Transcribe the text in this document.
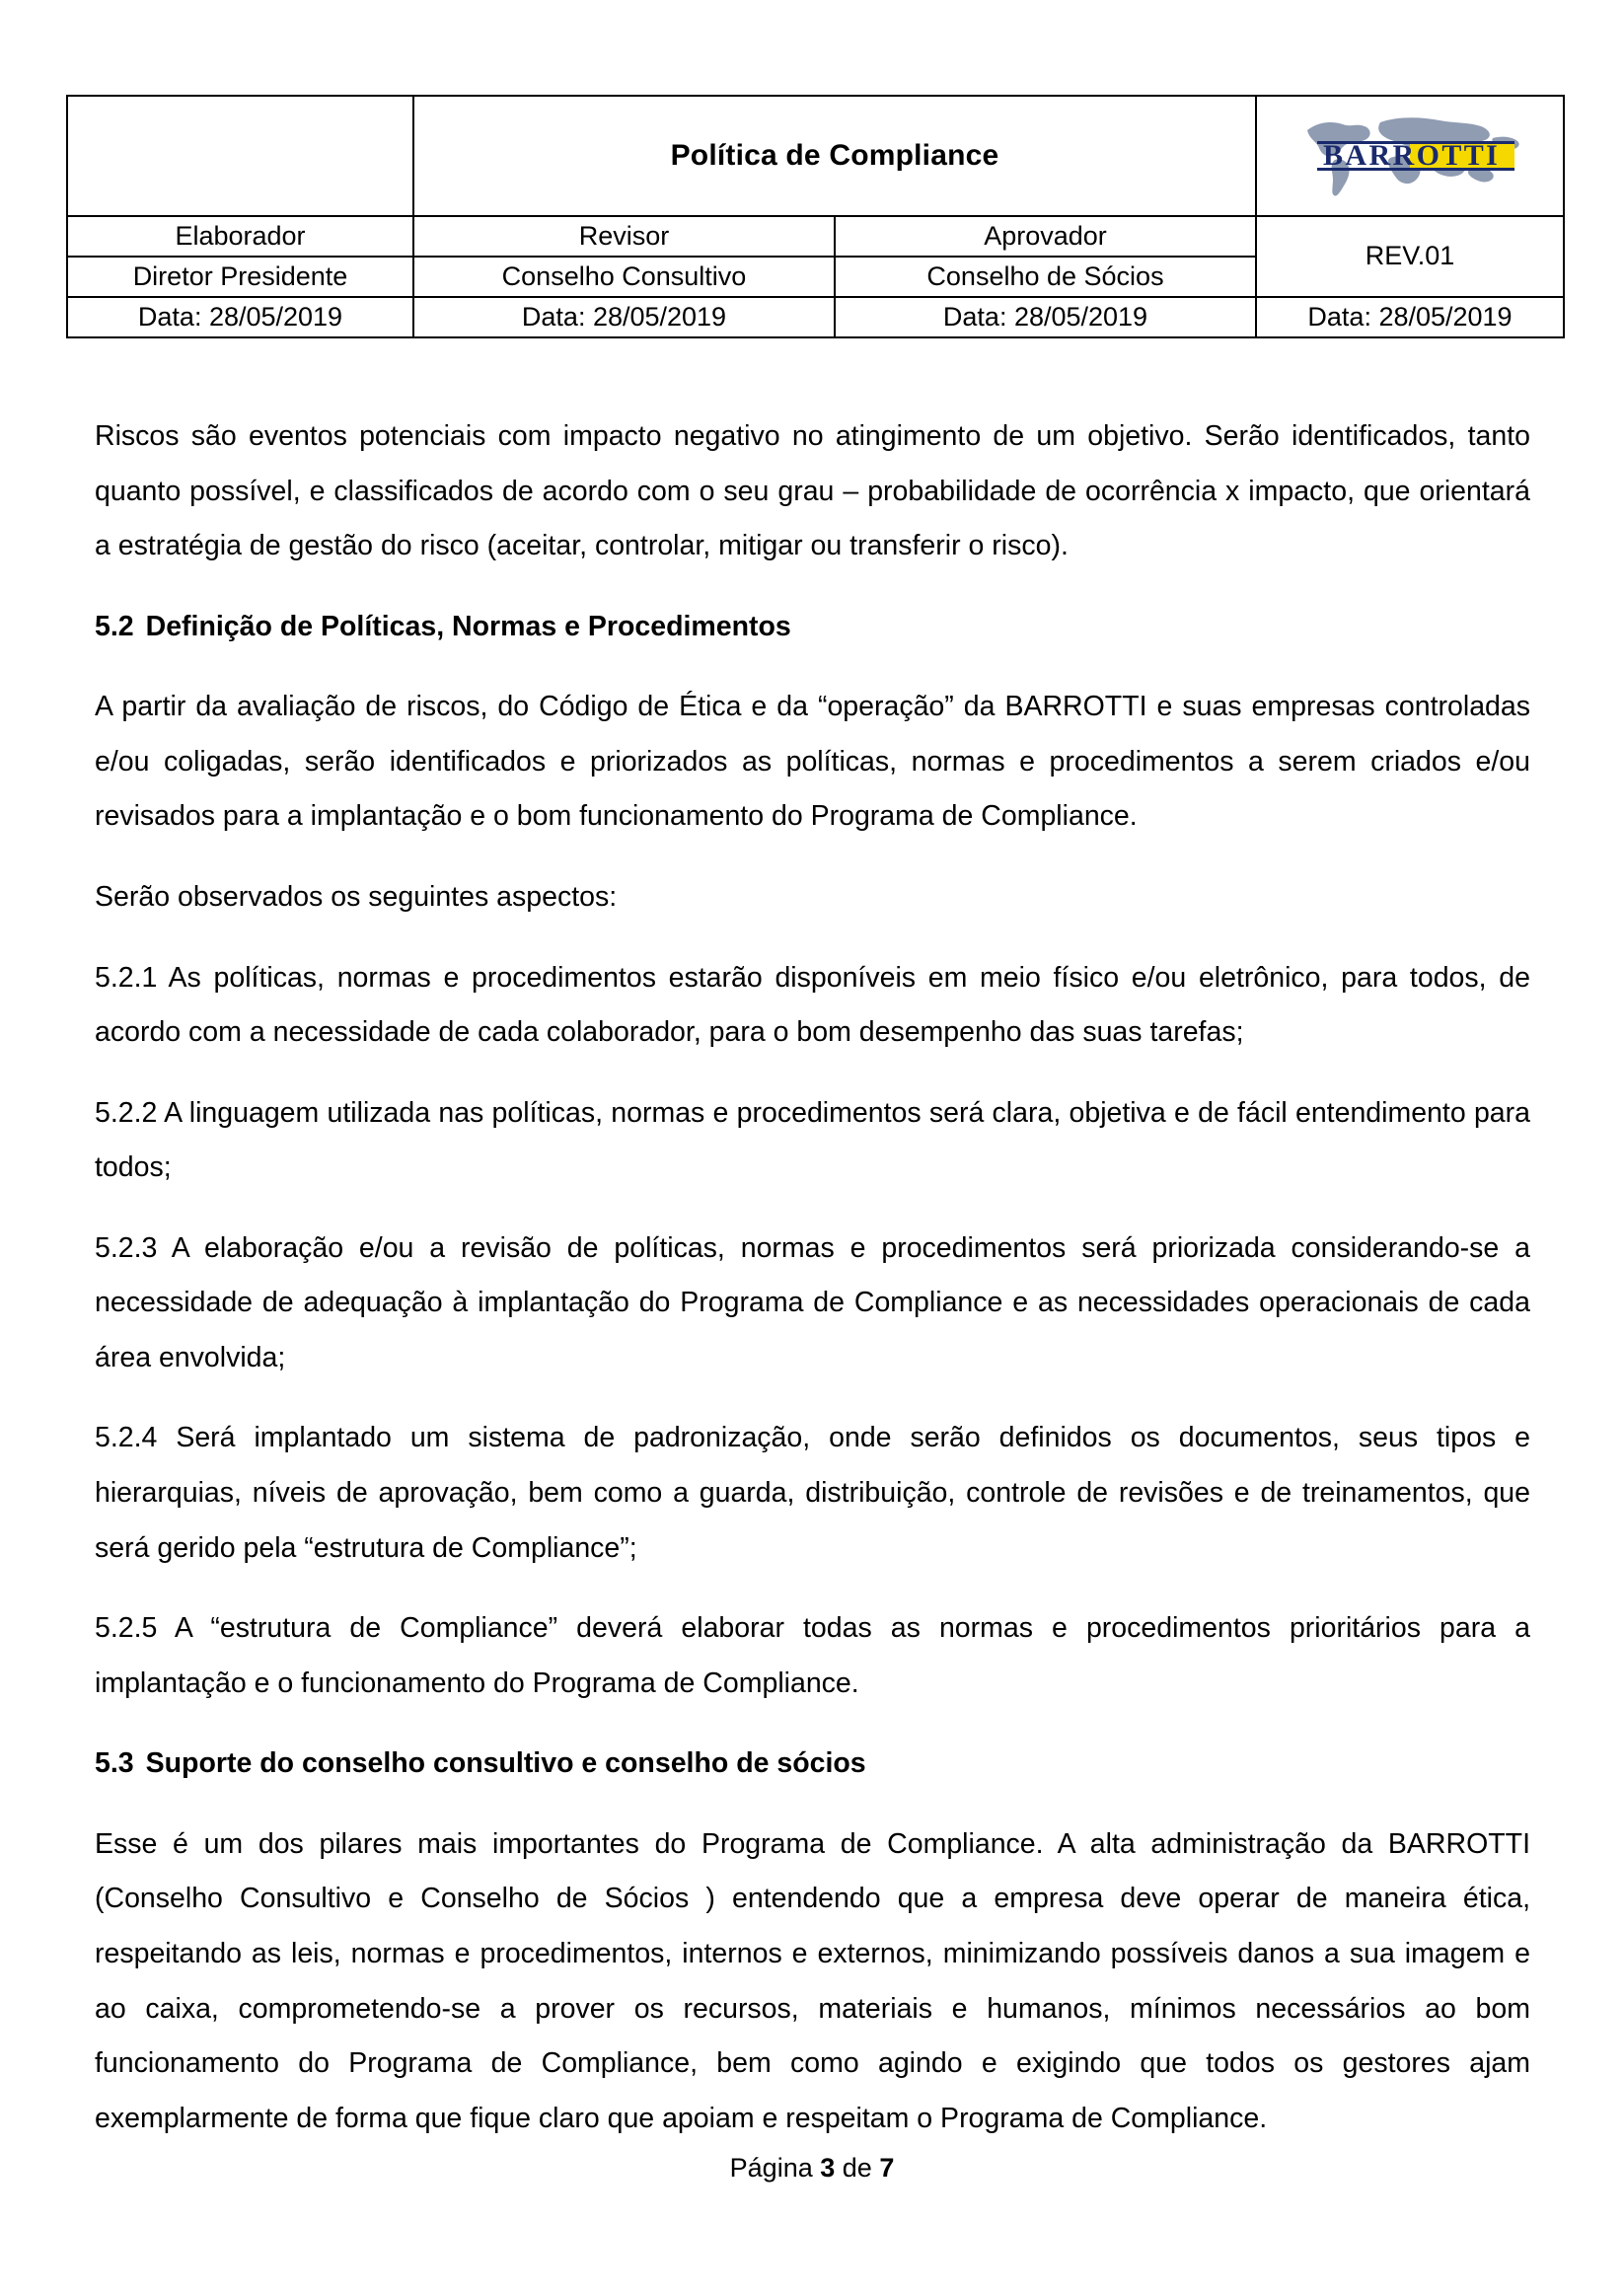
	Política de Compliance		BARROTTI

Elaborador	Revisor	Aprovador	REV.01
Diretor Presidente	Conselho Consultivo	Conselho de Sócios	
Data: 28/05/2019	Data: 28/05/2019	Data: 28/05/2019	Data: 28/05/2019

Riscos são eventos potenciais com impacto negativo no atingimento de um objetivo. Serão identificados, tanto quanto possível, e classificados de acordo com o seu grau – probabilidade de ocorrência x impacto, que orientará a estratégia de gestão do risco (aceitar, controlar, mitigar ou transferir o risco).

5.2 Definição de Políticas, Normas e Procedimentos

A partir da avaliação de riscos, do Código de Ética e da “operação” da BARROTTI e suas empresas controladas e/ou coligadas, serão identificados e priorizados as políticas, normas e procedimentos a serem criados e/ou revisados para a implantação e o bom funcionamento do Programa de Compliance.

Serão observados os seguintes aspectos:

5.2.1 As políticas, normas e procedimentos estarão disponíveis em meio físico e/ou eletrônico, para todos, de acordo com a necessidade de cada colaborador, para o bom desempenho das suas tarefas;

5.2.2 A linguagem utilizada nas políticas, normas e procedimentos será clara, objetiva e de fácil entendimento para todos;

5.2.3 A elaboração e/ou a revisão de políticas, normas e procedimentos será priorizada considerando-se a necessidade de adequação à implantação do Programa de Compliance e as necessidades operacionais de cada área envolvida;

5.2.4 Será implantado um sistema de padronização, onde serão definidos os documentos, seus tipos e hierarquias, níveis de aprovação, bem como a guarda, distribuição, controle de revisões e de treinamentos, que será gerido pela “estrutura de Compliance”;

5.2.5 A “estrutura de Compliance” deverá elaborar todas as normas e procedimentos prioritários para a implantação e o funcionamento do Programa de Compliance.

5.3 Suporte do conselho consultivo e conselho de sócios

Esse é um dos pilares mais importantes do Programa de Compliance. A alta administração da BARROTTI (Conselho Consultivo e Conselho de Sócios ) entendendo que a empresa deve operar de maneira ética, respeitando as leis, normas e procedimentos, internos e externos, minimizando possíveis danos a sua imagem e ao caixa, comprometendo-se a prover os recursos, materiais e humanos, mínimos necessários ao bom funcionamento do Programa de Compliance, bem como agindo e exigindo que todos os gestores ajam exemplarmente de forma que fique claro que apoiam e respeitam o Programa de Compliance.

Página 3 de 7
